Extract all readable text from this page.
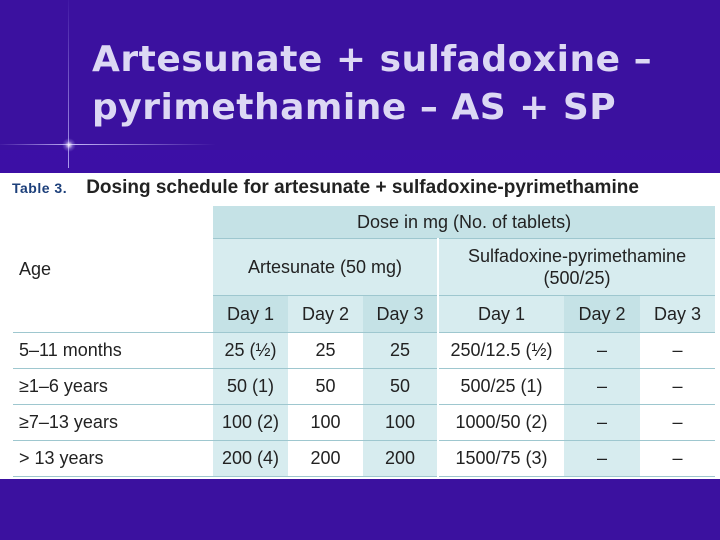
Artesunate + sulfadoxine –
pyrimethamine – AS + SP
Table 3. Dosing schedule for artesunate + sulfadoxine-pyrimethamine
Age	Dose in mg (No. of tablets)					
	Artesunate (50 mg)			Sulfadoxine-pyrimethamine
(500/25)		

	Day 1	Day 2	Day 3	Day 1	Day 2	Day 3
5–11 months	25 (½)	25	25	250/12.5 (½)	–	–
≥1–6 years	50 (1)	50	50	500/25 (1)	–	–
≥7–13 years	100 (2)	100	100	1000/50 (2)	–	–
> 13 years	200 (4)	200	200	1500/75 (3)	–	–
